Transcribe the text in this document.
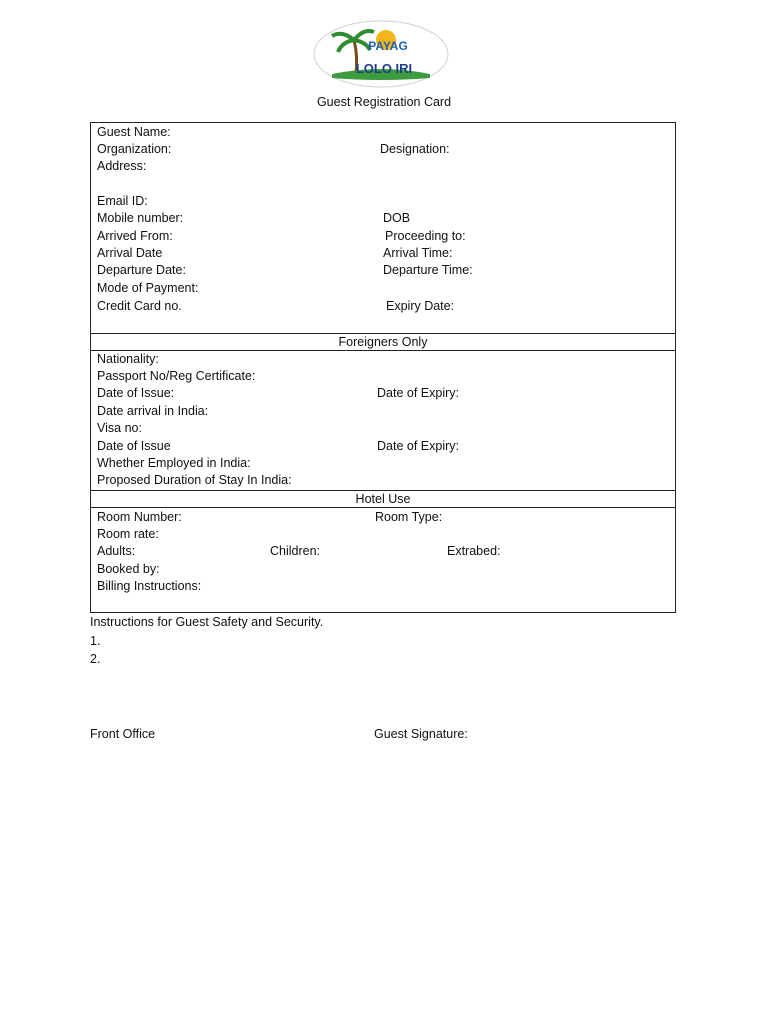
PAYAG
LOLO IRI
Guest Registration Card
Guest Name:
Organization:	Designation:
Address:
Email ID:
Mobile number:	DOB
Arrived From:	Proceeding to:
Arrival Date	Arrival Time:
Departure Date:	Departure Time:
Mode of Payment:
Credit Card no.	Expiry Date:
Foreigners Only
Nationality:
Passport No/Reg Certificate:
Date of Issue:	Date of Expiry:
Date arrival in India:
Visa no:
Date of Issue	Date of Expiry:
Whether Employed in India:
Proposed Duration of Stay In India:
Hotel Use
Room Number:	Room Type:
Room rate:
Adults:	Children:	Extrabed:
Booked by:
Billing Instructions:
Instructions for Guest Safety and Security.
1.
2.
Front Office	Guest Signature:
